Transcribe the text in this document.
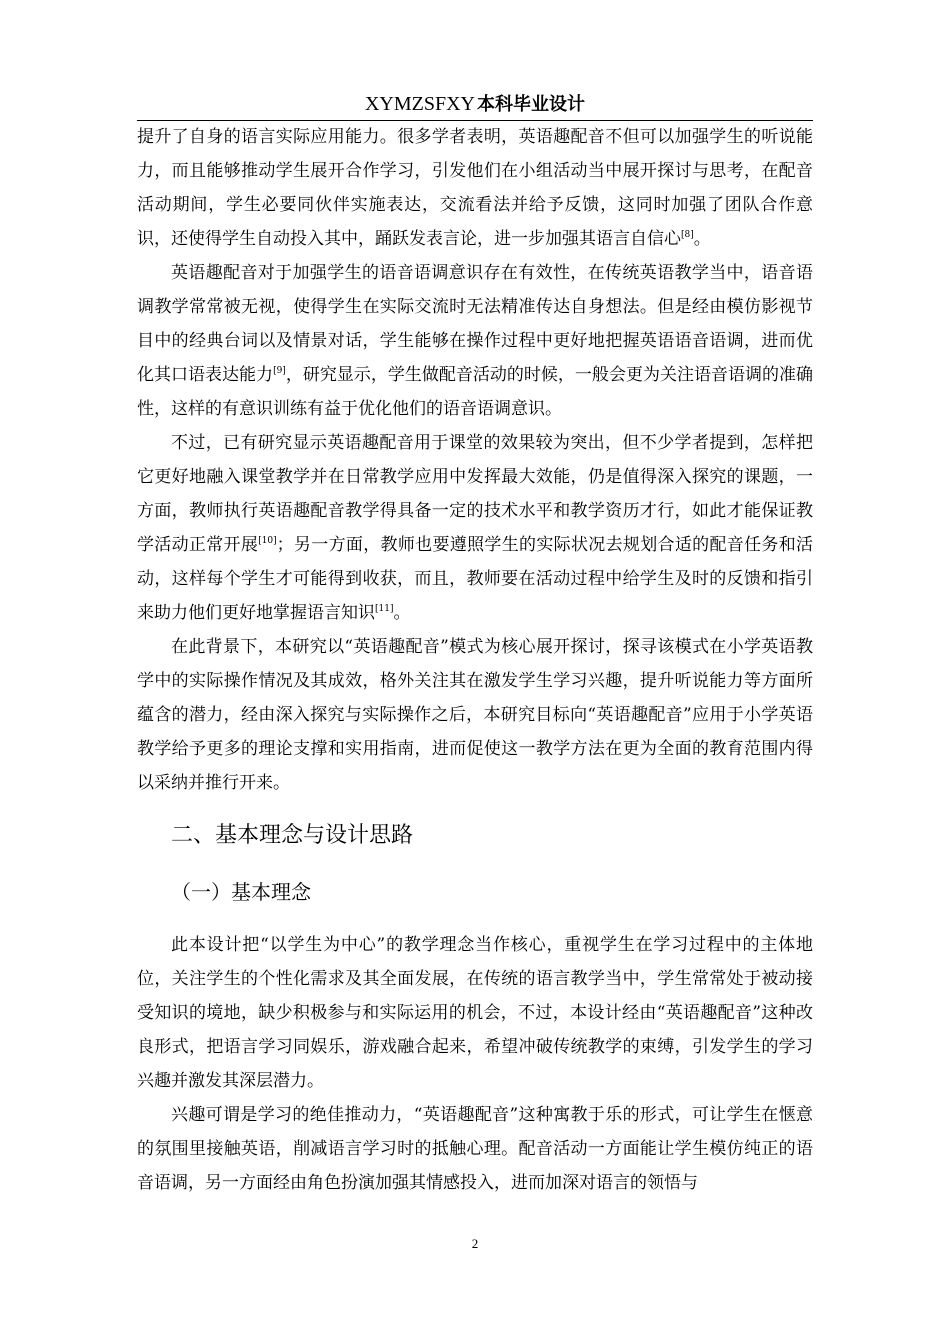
XYMZSFXY 本科毕业设计

提升了自身的语言实际应用能力。很多学者表明，英语趣配音不但可以加强学生的听说能力，而且能够推动学生展开合作学习，引发他们在小组活动当中展开探讨与思考，在配音活动期间，学生必要同伙伴实施表达，交流看法并给予反馈，这同时加强了团队合作意识，还使得学生自动投入其中，踊跃发表言论，进一步加强其语言自信心[8]。

英语趣配音对于加强学生的语音语调意识存在有效性，在传统英语教学当中，语音语调教学常常被无视，使得学生在实际交流时无法精准传达自身想法。但是经由模仿影视节目中的经典台词以及情景对话，学生能够在操作过程中更好地把握英语语音语调，进而优化其口语表达能力[9]，研究显示，学生做配音活动的时候，一般会更为关注语音语调的准确性，这样的有意识训练有益于优化他们的语音语调意识。

不过，已有研究显示英语趣配音用于课堂的效果较为突出，但不少学者提到，怎样把它更好地融入课堂教学并在日常教学应用中发挥最大效能，仍是值得深入探究的课题，一方面，教师执行英语趣配音教学得具备一定的技术水平和教学资历才行，如此才能保证教学活动正常开展[10]；另一方面，教师也要遵照学生的实际状况去规划合适的配音任务和活动，这样每个学生才可能得到收获，而且，教师要在活动过程中给学生及时的反馈和指引来助力他们更好地掌握语言知识[11]。

在此背景下，本研究以“英语趣配音”模式为核心展开探讨，探寻该模式在小学英语教学中的实际操作情况及其成效，格外关注其在激发学生学习兴趣，提升听说能力等方面所蕴含的潜力，经由深入探究与实际操作之后，本研究目标向“英语趣配音”应用于小学英语教学给予更多的理论支撑和实用指南，进而促使这一教学方法在更为全面的教育范围内得以采纳并推行开来。

二、基本理念与设计思路
（一）基本理念

此本设计把“以学生为中心”的教学理念当作核心，重视学生在学习过程中的主体地位，关注学生的个性化需求及其全面发展，在传统的语言教学当中，学生常常处于被动接受知识的境地，缺少积极参与和实际运用的机会，不过，本设计经由“英语趣配音”这种改良形式，把语言学习同娱乐，游戏融合起来，希望冲破传统教学的束缚，引发学生的学习兴趣并激发其深层潜力。

兴趣可谓是学习的绝佳推动力，“英语趣配音”这种寓教于乐的形式，可让学生在惬意的氛围里接触英语，削减语言学习时的抵触心理。配音活动一方面能让学生模仿纯正的语音语调，另一方面经由角色扮演加强其情感投入，进而加深对语言的领悟与

2
